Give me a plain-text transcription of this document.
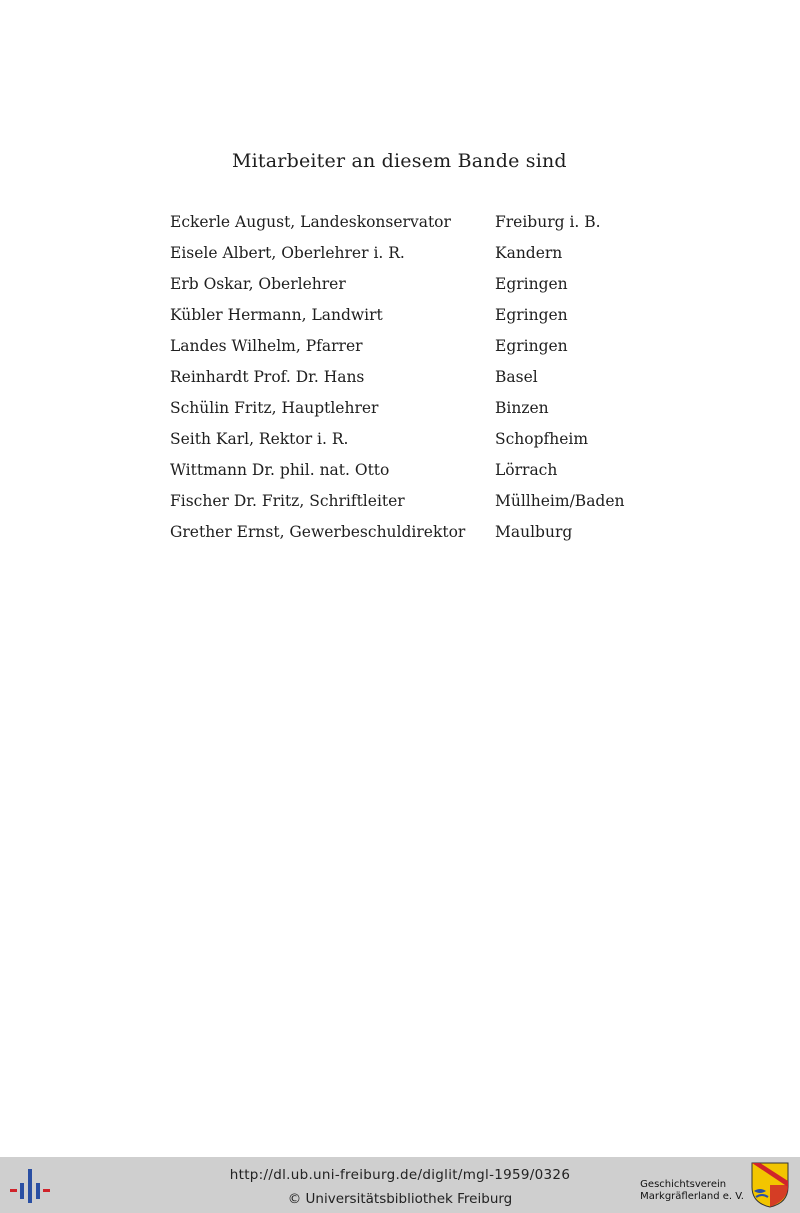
Mitarbeiter an diesem Bande sind
Eckerle August, Landeskonservator	Freiburg i. B.
Eisele Albert, Oberlehrer i. R.	Kandern
Erb Oskar, Oberlehrer	Egringen
Kübler Hermann, Landwirt	Egringen
Landes Wilhelm, Pfarrer	Egringen
Reinhardt Prof. Dr. Hans	Basel
Schülin Fritz, Hauptlehrer	Binzen
Seith Karl, Rektor i. R.	Schopfheim
Wittmann Dr. phil. nat. Otto	Lörrach
Fischer Dr. Fritz, Schriftleiter	Müllheim/Baden
Grether Ernst, Gewerbeschuldirektor Maulburg
http://dl.ub.uni-freiburg.de/diglit/mgl-1959/0326
© Universitätsbibliothek Freiburg
Geschichtsverein
Markgräflerland e. V.
